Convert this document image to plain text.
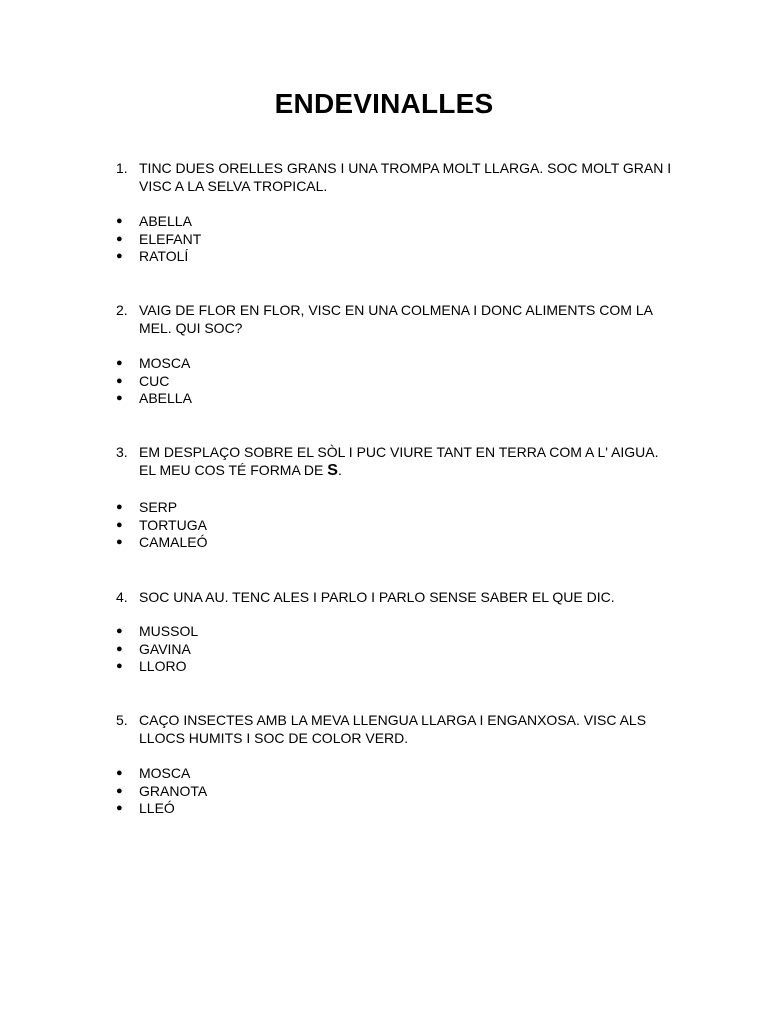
ENDEVINALLES
1. TINC DUES ORELLES GRANS I UNA TROMPA MOLT LLARGA. SOC MOLT GRAN I VISC A LA SELVA TROPICAL.
● ABELLA
● ELEFANT
● RATOLÍ
2. VAIG DE FLOR EN FLOR, VISC EN UNA COLMENA I DONC ALIMENTS COM LA MEL. QUI SOC?
● MOSCA
● CUC
● ABELLA
3. EM DESPLAÇO SOBRE EL SÒL I PUC VIURE TANT EN TERRA COM A L' AIGUA.
EL MEU COS TÉ FORMA DE S.
● SERP
● TORTUGA
● CAMALEÓ
4. SOC UNA AU. TENC ALES I PARLO I PARLO SENSE SABER EL QUE DIC.
● MUSSOL
● GAVINA
● LLORO
5. CAÇO INSECTES AMB LA MEVA LLENGUA LLARGA I ENGANXOSA. VISC ALS LLOCS HUMITS I SOC DE COLOR VERD.
● MOSCA
● GRANOTA
● LLEÓ
